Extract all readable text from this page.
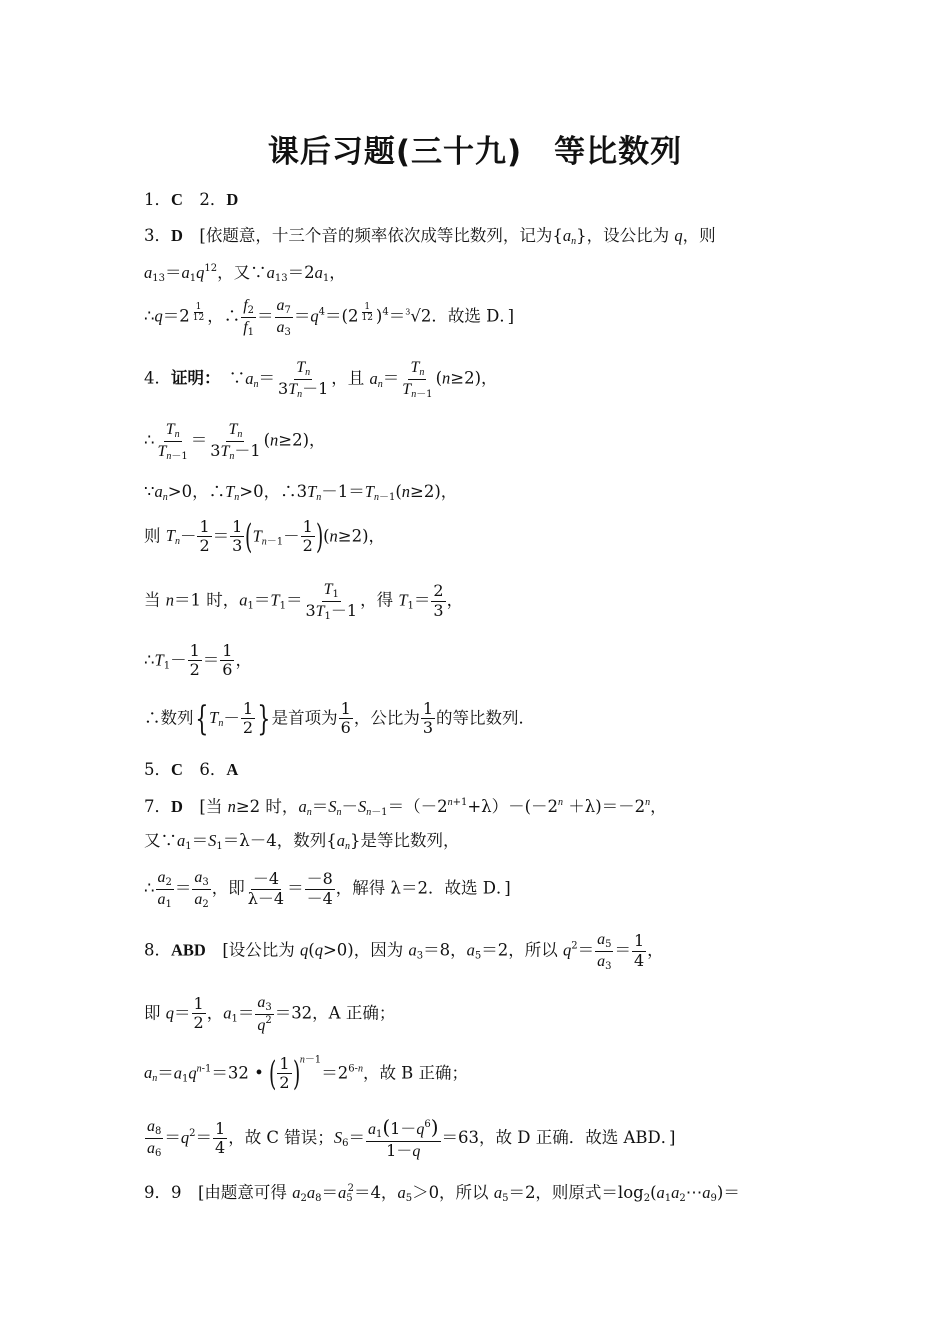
课后习题(三十九)　等比数列
1．C　2．D
3．D　[依题意，十三个音的频率依次成等比数列，记为$\{a_n\}$，设公比为 q，则
$a_{13}=a_1q^{12}$，又$\because a_{13}=2a_1$，
∴q＝2 $^{\frac{1}{12}}$ ，∴ $\frac{f_2}{f_1} = \frac{a_7}{a_3} =q^4=(2$ $^{\frac{1}{12}}$ )$^4$＝$^3$√2．故选 D．]
4．证明：　$\because a_n= \frac{T_n}{3T_n-1}$ ，且 $a_n= \frac{T_n}{T_{n-1}} (n\ge 2)$，
∴ $\frac{T_n}{T_{n-1}} = \frac{T_n}{3T_n-1} (n\ge 2)$，
$\because a_n>0$，$\therefore T_n>0$，$\therefore 3T_n-1=T_{n-1}(n\ge 2)$，
则 $T_n- \frac{1}{2} = \frac{1}{3} (T_{n-1}- \frac{1}{2} )(n\ge 2)$，
当 n＝1 时，$a_1=T_1= \frac{T_1}{3T_1-1}$ ，得 $T_1= \frac{2}{3}$ ，
$\therefore T_1- \frac{1}{2} = \frac{1}{6}$ ，
∴数列{$T_n- \frac{1}{2}$ }是首项为 $\frac{1}{6}$ ，公比为 $\frac{1}{3}$ 的等比数列．
5．C　6．A
7．D　[当 n≥2 时，$a_n=S_n-S_{n-1}=(-2^{n+1}+\lambda)-(-2^n +\lambda)=-2^n$，
又$\because a_1=S_1=\lambda-4$，数列$\{a_n\}$是等比数列，
∴ $\frac{a_2}{a_1} = \frac{a_3}{a_2}$ ，即 $\frac{-4}{\lambda-4} = \frac{-8}{-4}$ ，解得 λ＝2．故选 D．]
8．ABD　[设公比为 q(q>0)，因为 $a_3=8$，$a_5=2$，所以 $q^2= \frac{a_5}{a_3} = \frac{1}{4}$ ，
即 $q= \frac{1}{2}$ ，$a_1= \frac{a_3}{q^2} =32$，A 正确；
$a_n=a_1q^{n-1}=32$ • ( $\frac{1}{2} )^{n-1}=2^{6-n}$，故 B 正确；
$\frac{a_8}{a_6} =q^2= \frac{1}{4}$ ，故 C 错误；$S_6= \frac{a_1(1-q^6)}{1-q} =63$，故 D 正确．故选 ABD．]
9．9　[由题意可得 $a_2a_8=a_5^2=4$，$a_5>0$，所以 $a_5=2$，则原式$=\log_2(a_1a_2\cdots a_9)=$
